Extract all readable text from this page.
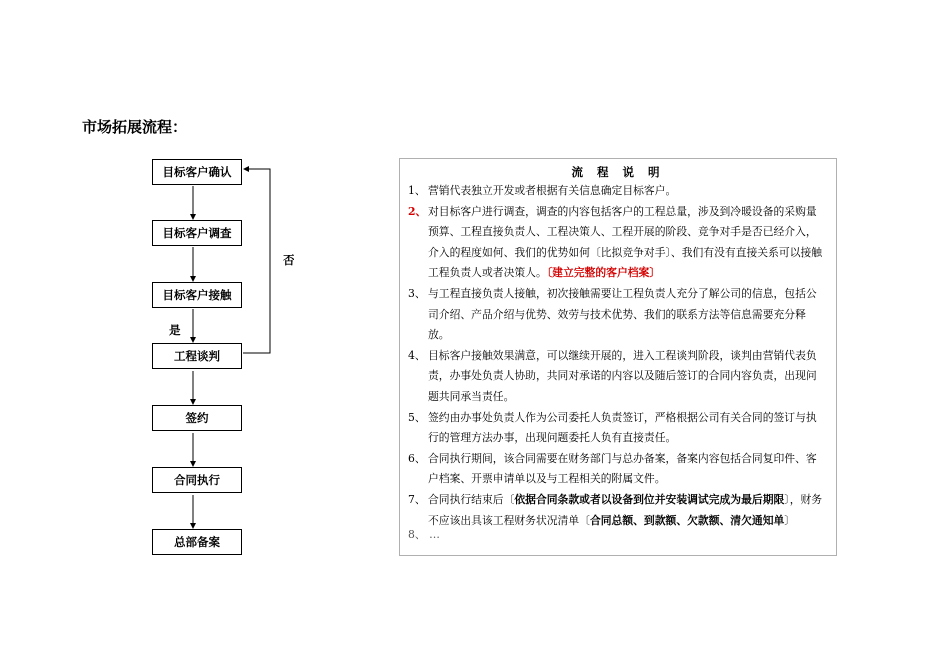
市场拓展流程：
目标客户确认
目标客户调查
目标客户接触
工程谈判
签约
合同执行
总部备案
是
否
流 程 说 明
1、 营销代表独立开发或者根据有关信息确定目标客户。
2、 对目标客户进行调查，调查的内容包括客户的工程总量，涉及到冷暖设备的采购量预算、工程直接负责人、工程决策人、工程开展的阶段、竞争对手是否已经介入，介入的程度如何、我们的优势如何〔比拟竞争对手〕、我们有没有直接关系可以接触工程负责人或者决策人。〔建立完整的客户档案〕
3、 与工程直接负责人接触，初次接触需要让工程负责人充分了解公司的信息，包括公司介绍、产品介绍与优势、效劳与技术优势、我们的联系方法等信息需要充分释放。
4、 目标客户接触效果满意，可以继续开展的，进入工程谈判阶段，谈判由营销代表负责，办事处负责人协助，共同对承诺的内容以及随后签订的合同内容负责，出现问题共同承当责任。
5、 签约由办事处负责人作为公司委托人负责签订，严格根据公司有关合同的签订与执行的管理方法办事，出现问题委托人负有直接责任。
6、 合同执行期间，该合同需要在财务部门与总办备案，备案内容包括合同复印件、客户档案、开票申请单以及与工程相关的附属文件。
7、 合同执行结束后〔依据合同条款或者以设备到位并安装调试完成为最后期限〕，财务不应该出具该工程财务状况清单〔合同总额、到款额、欠款额、清欠通知单〕
8、 …
